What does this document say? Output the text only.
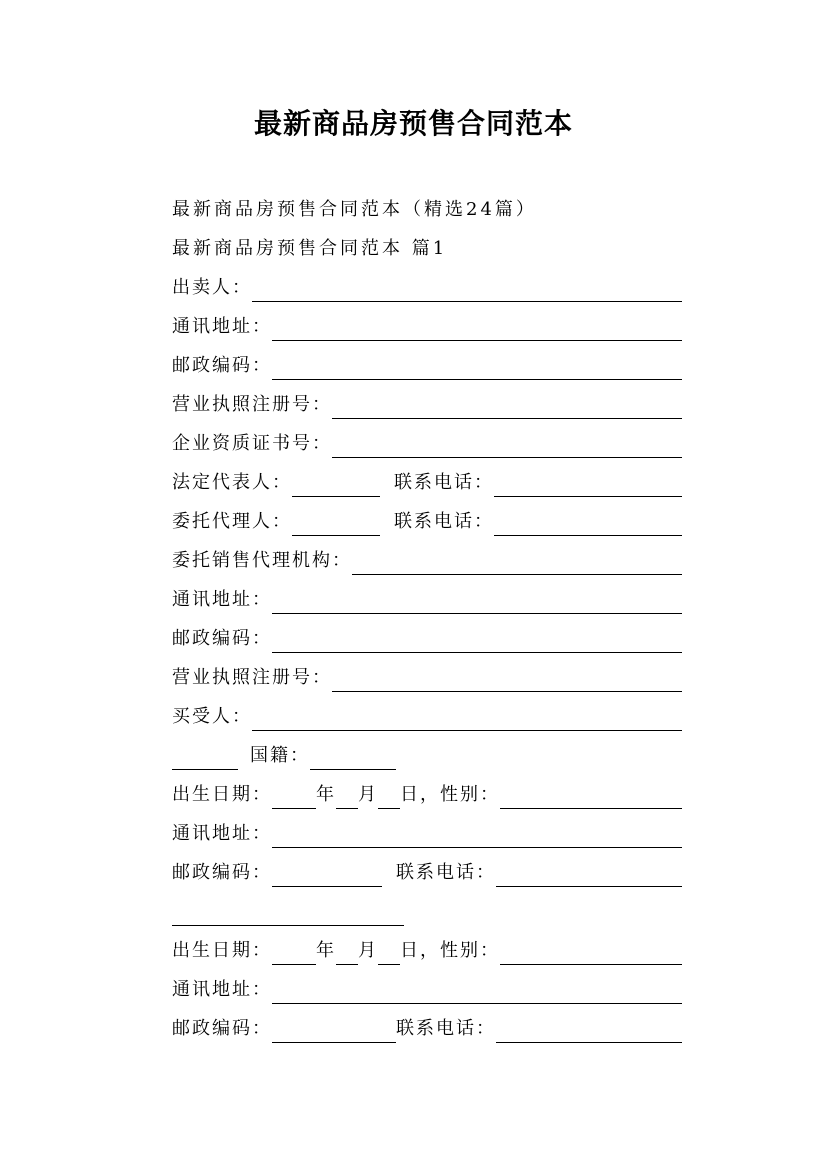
最新商品房预售合同范本
最新商品房预售合同范本（精选24篇）
最新商品房预售合同范本 篇1
出卖人：
通讯地址：
邮政编码：
营业执照注册号：
企业资质证书号：
法定代表人：	联系电话：
委托代理人：	联系电话：
委托销售代理机构：
通讯地址：
邮政编码：
营业执照注册号：
买受人：
国籍：
出生日期： 年 月 日，性别：
通讯地址：
邮政编码：	联系电话：
出生日期： 年 月 日，性别：
通讯地址：
邮政编码：	联系电话：
